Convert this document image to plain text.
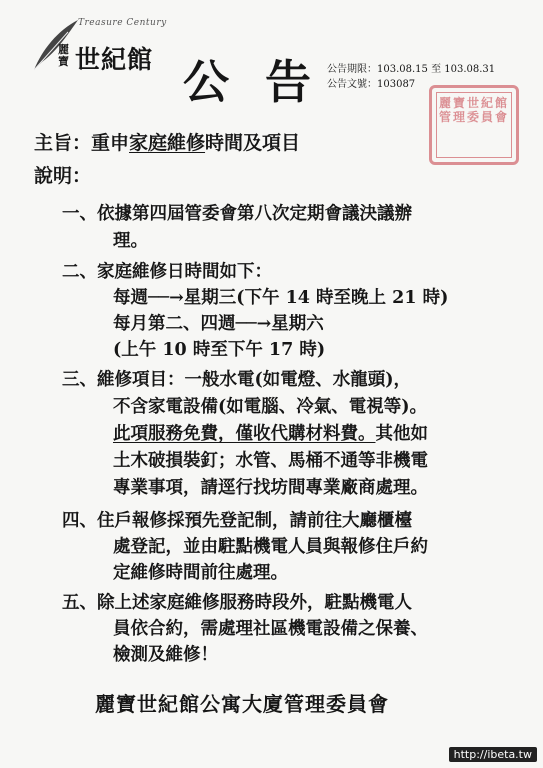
Treasure Century
麗寶 世紀館 公告
公告期限：103.08.15 至 103.08.31
公告文號：103087
麗寶世紀館管理委員會
主旨：重申家庭維修時間及項目
說明：
一、依據第四屆管委會第八次定期會議決議辦
理。
二、家庭維修日時間如下：
每週──→星期三(下午 14 時至晚上 21 時)
每月第二、四週──→星期六
(上午 10 時至下午 17 時)
三、維修項目：一般水電(如電燈、水龍頭)，
不含家電設備(如電腦、冷氣、電視等)。
此項服務免費，僅收代購材料費。其他如
土木破損裝釘；水管、馬桶不通等非機電
專業事項，請逕行找坊間專業廠商處理。
四、住戶報修採預先登記制，請前往大廳櫃檯
處登記，並由駐點機電人員與報修住戶約
定維修時間前往處理。
五、除上述家庭維修服務時段外，駐點機電人
員依合約，需處理社區機電設備之保養、
檢測及維修！
麗寶世紀館公寓大廈管理委員會
http://ibeta.tw
